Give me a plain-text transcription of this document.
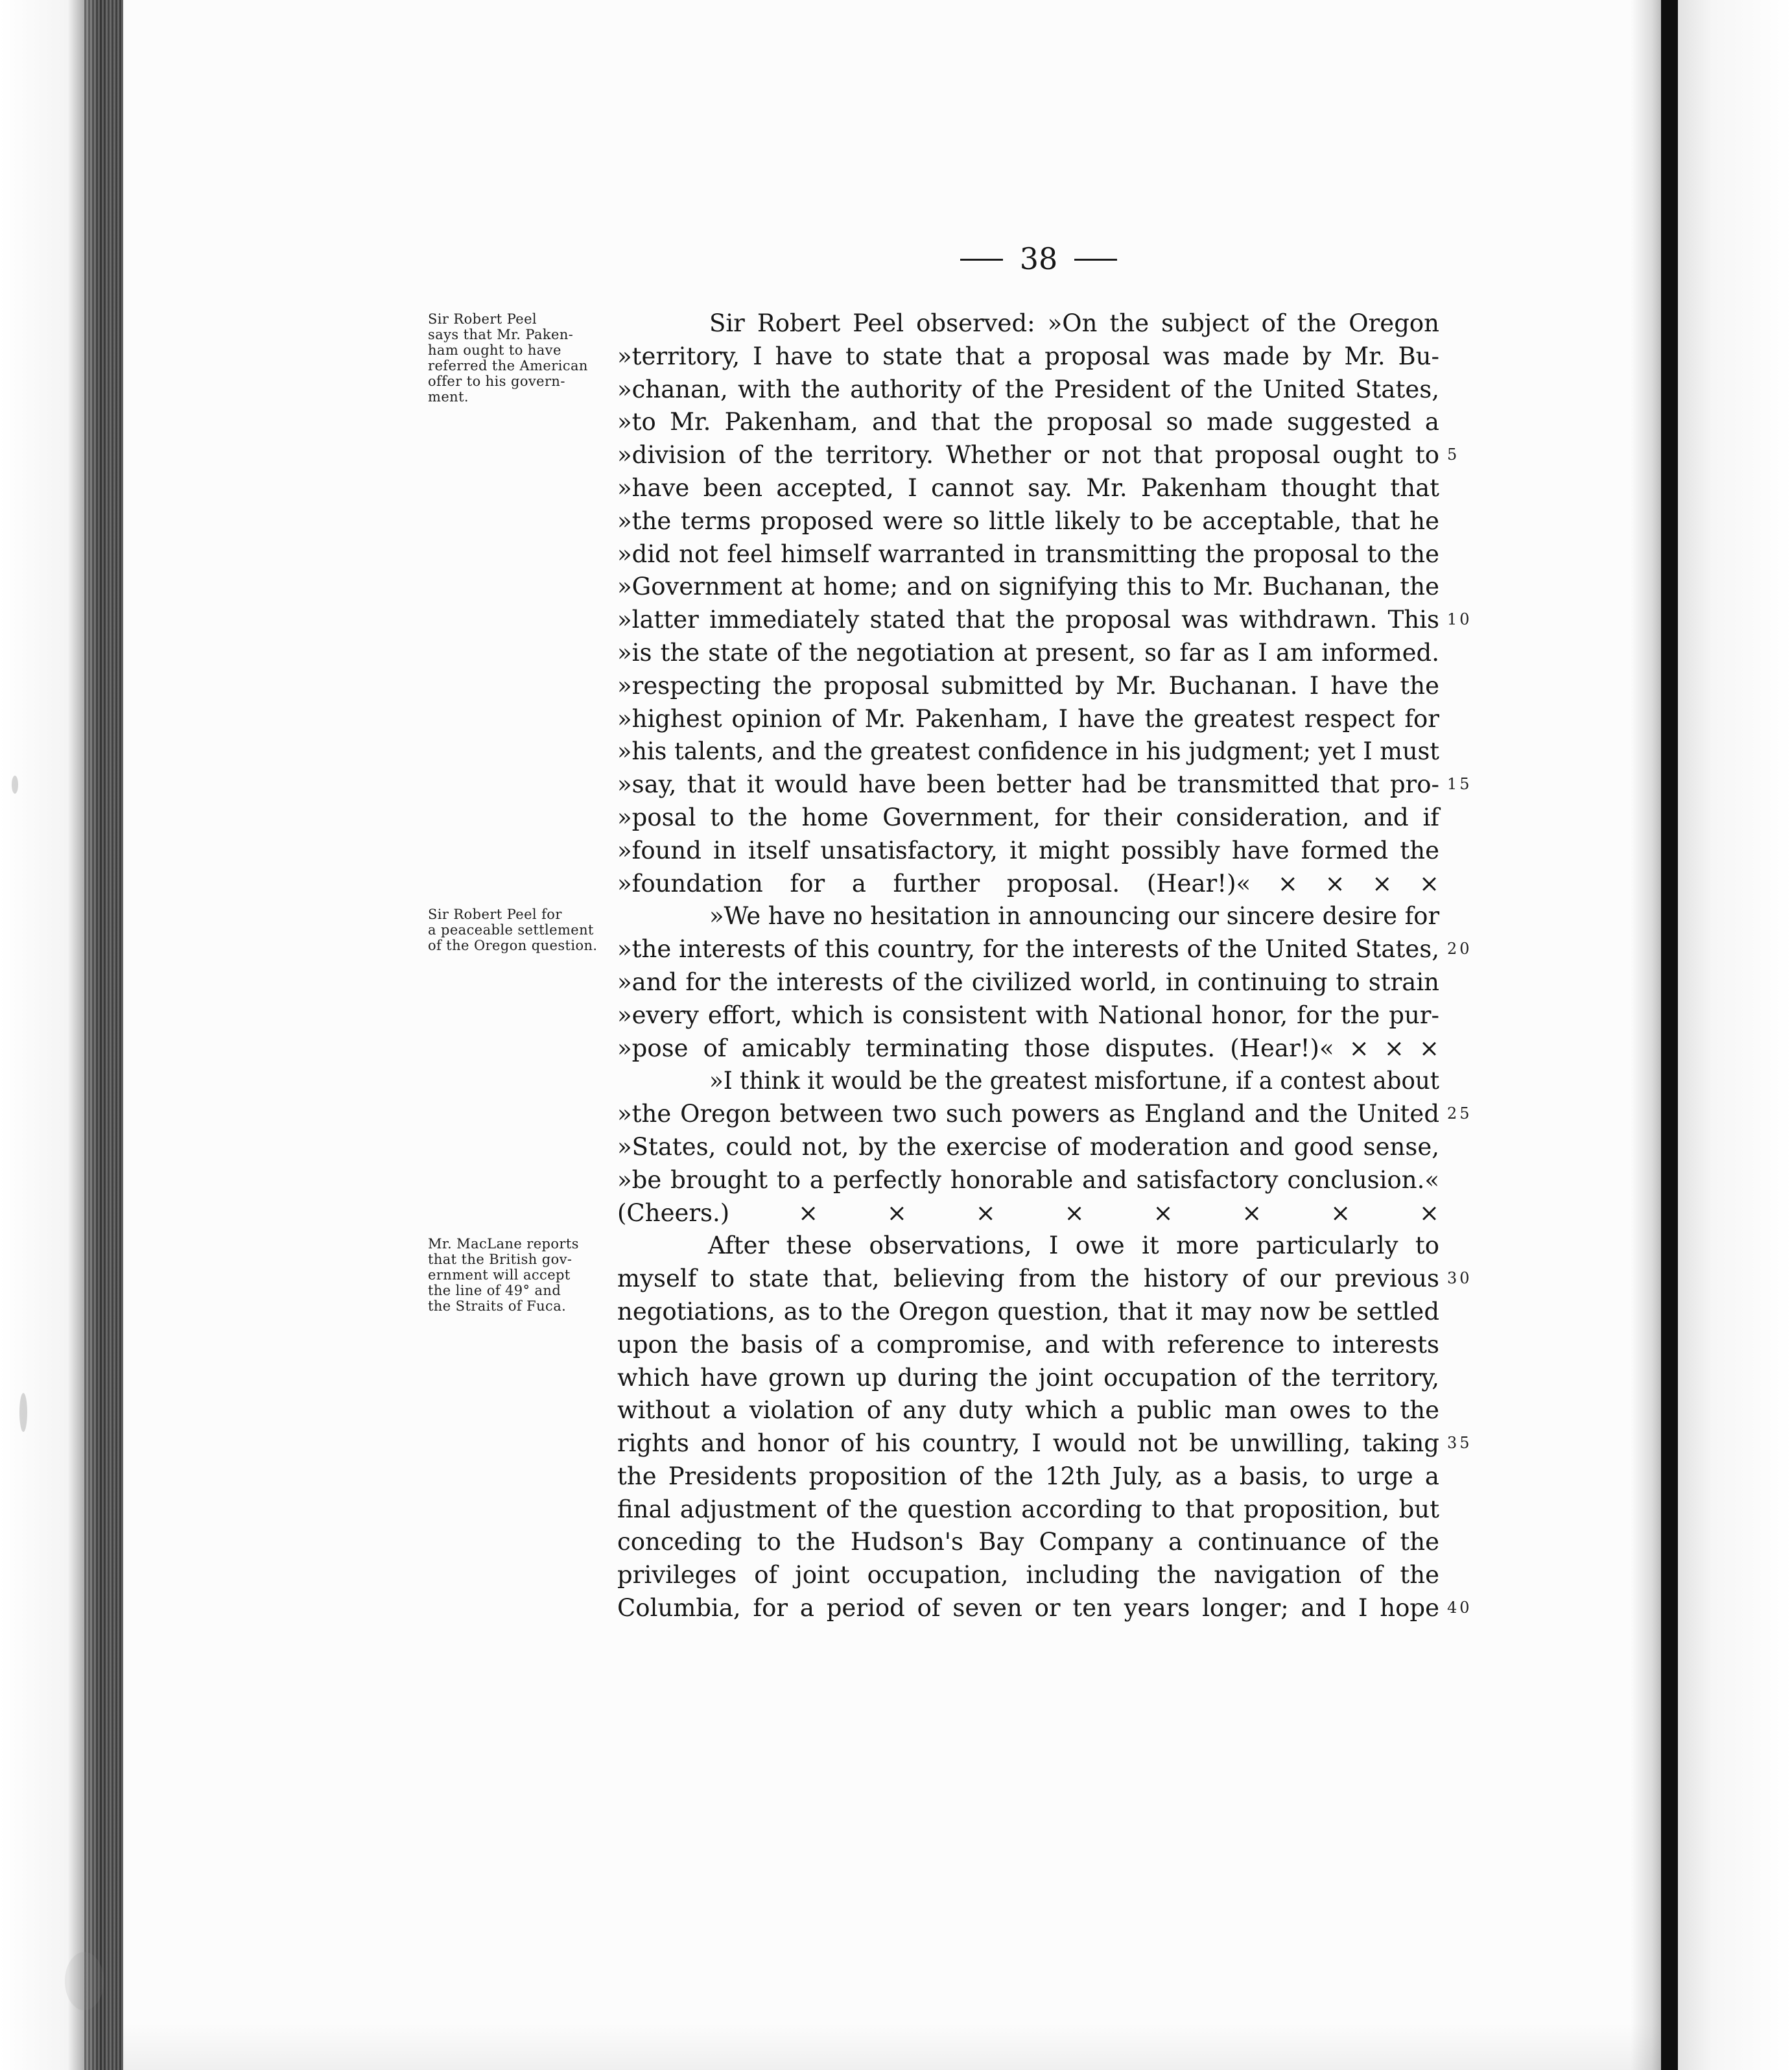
38
Sir Robert Peel
says that Mr. Paken-
ham ought to have
referred the American
offer to his govern-
ment.
Sir Robert Peel for
a peaceable settlement
of the Oregon question.
Mr. MacLane reports
that the British gov-
ernment will accept
the line of 49° and
the Straits of Fuca.
Sir Robert Peel observed: »On the subject of the Oregon
»territory, I have to state that a proposal was made by Mr. Bu-
»chanan, with the authority of the President of the United States,
»to Mr. Pakenham, and that the proposal so made suggested a
»division of the territory. Whether or not that proposal ought to
»have been accepted, I cannot say. Mr. Pakenham thought that
»the terms proposed were so little likely to be acceptable, that he
»did not feel himself warranted in transmitting the proposal to the
»Government at home; and on signifying this to Mr. Buchanan, the
»latter immediately stated that the proposal was withdrawn. This
»is the state of the negotiation at present, so far as I am informed.
»respecting the proposal submitted by Mr. Buchanan. I have the
»highest opinion of Mr. Pakenham, I have the greatest respect for
»his talents, and the greatest confidence in his judgment; yet I must
»say, that it would have been better had be transmitted that pro-
»posal to the home Government, for their consideration, and if
»found in itself unsatisfactory, it might possibly have formed the
»foundation for a further proposal. (Hear!)« × × × ×
»We have no hesitation in announcing our sincere desire for
»the interests of this country, for the interests of the United States,
»and for the interests of the civilized world, in continuing to strain
»every effort, which is consistent with National honor, for the pur-
»pose of amicably terminating those disputes. (Hear!)« × × ×
»I think it would be the greatest misfortune, if a contest about
»the Oregon between two such powers as England and the United
»States, could not, by the exercise of moderation and good sense,
»be brought to a perfectly honorable and satisfactory conclusion.«
(Cheers.) × × × × × × × ×
After these observations, I owe it more particularly to
myself to state that, believing from the history of our previous
negotiations, as to the Oregon question, that it may now be settled
upon the basis of a compromise, and with reference to interests
which have grown up during the joint occupation of the territory,
without a violation of any duty which a public man owes to the
rights and honor of his country, I would not be unwilling, taking
the Presidents proposition of the 12th July, as a basis, to urge a
final adjustment of the question according to that proposition, but
conceding to the Hudson's Bay Company a continuance of the
privileges of joint occupation, including the navigation of the
Columbia, for a period of seven or ten years longer; and I hope
5
10
15
20
25
30
35
40
